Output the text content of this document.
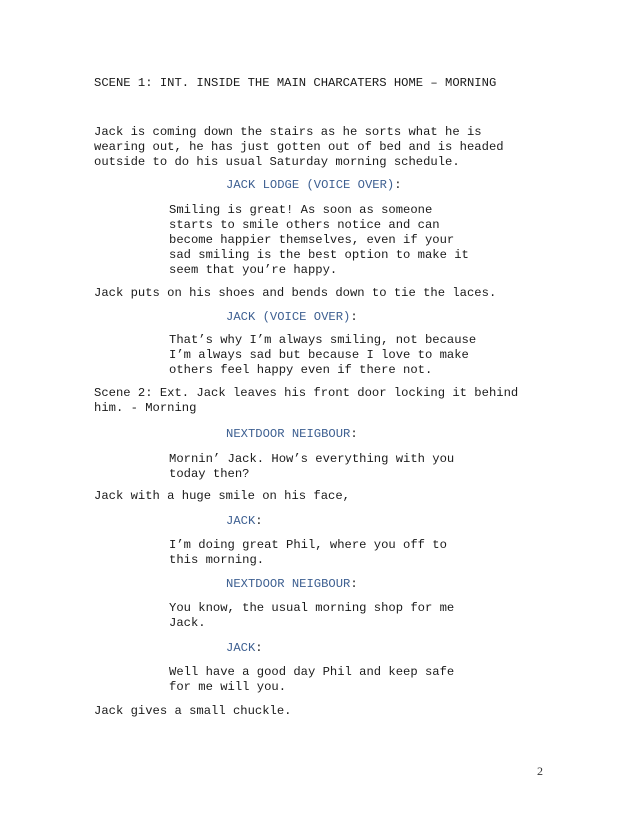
SCENE 1: INT. INSIDE THE MAIN CHARCATERS HOME – MORNING

Jack is coming down the stairs as he sorts what he is
wearing out, he has just gotten out of bed and is headed
outside to do his usual Saturday morning schedule.

JACK LODGE (VOICE OVER):

Smiling is great! As soon as someone
starts to smile others notice and can
become happier themselves, even if your
sad smiling is the best option to make it
seem that you’re happy.

Jack puts on his shoes and bends down to tie the laces.

JACK (VOICE OVER):

That’s why I’m always smiling, not because
I’m always sad but because I love to make
others feel happy even if there not.

Scene 2: Ext. Jack leaves his front door locking it behind
him. - Morning

NEXTDOOR NEIGBOUR:

Mornin’ Jack. How’s everything with you
today then?

Jack with a huge smile on his face,

JACK:

I’m doing great Phil, where you off to
this morning.

NEXTDOOR NEIGBOUR:

You know, the usual morning shop for me
Jack.

JACK:

Well have a good day Phil and keep safe
for me will you.

Jack gives a small chuckle.

2
